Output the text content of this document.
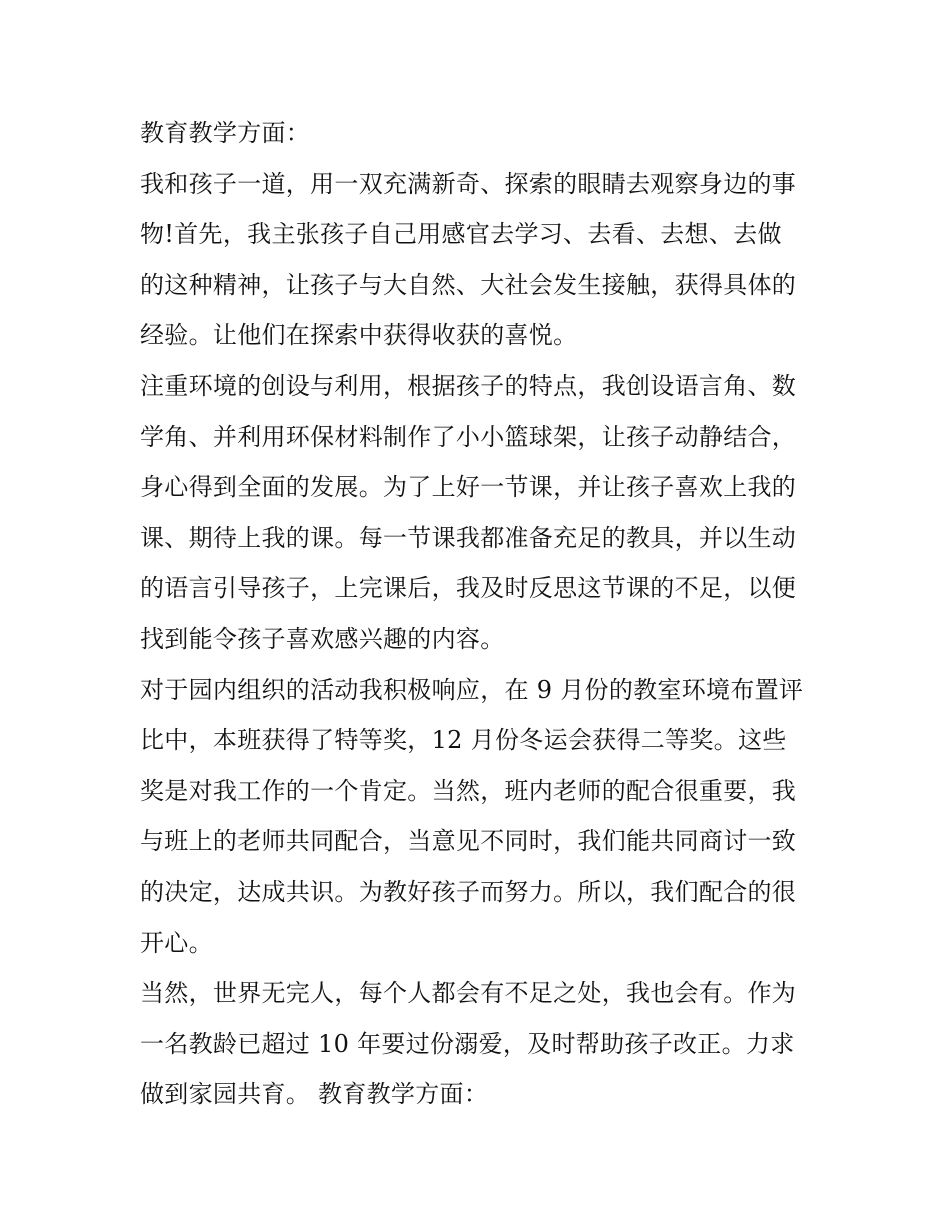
教育教学方面：
我和孩子一道，用一双充满新奇、探索的眼睛去观察身边的事
物!首先，我主张孩子自己用感官去学习、去看、去想、去做
的这种精神，让孩子与大自然、大社会发生接触，获得具体的
经验。让他们在探索中获得收获的喜悦。
注重环境的创设与利用，根据孩子的特点，我创设语言角、数
学角、并利用环保材料制作了小小篮球架，让孩子动静结合，
身心得到全面的发展。为了上好一节课，并让孩子喜欢上我的
课、期待上我的课。每一节课我都准备充足的教具，并以生动
的语言引导孩子，上完课后，我及时反思这节课的不足，以便
找到能令孩子喜欢感兴趣的内容。
对于园内组织的活动我积极响应，在 9 月份的教室环境布置评
比中，本班获得了特等奖，12 月份冬运会获得二等奖。这些
奖是对我工作的一个肯定。当然，班内老师的配合很重要，我
与班上的老师共同配合，当意见不同时，我们能共同商讨一致
的决定，达成共识。为教好孩子而努力。所以，我们配合的很
开心。
当然，世界无完人，每个人都会有不足之处，我也会有。作为
一名教龄已超过 10 年要过份溺爱，及时帮助孩子改正。力求
做到家园共育。 教育教学方面：
